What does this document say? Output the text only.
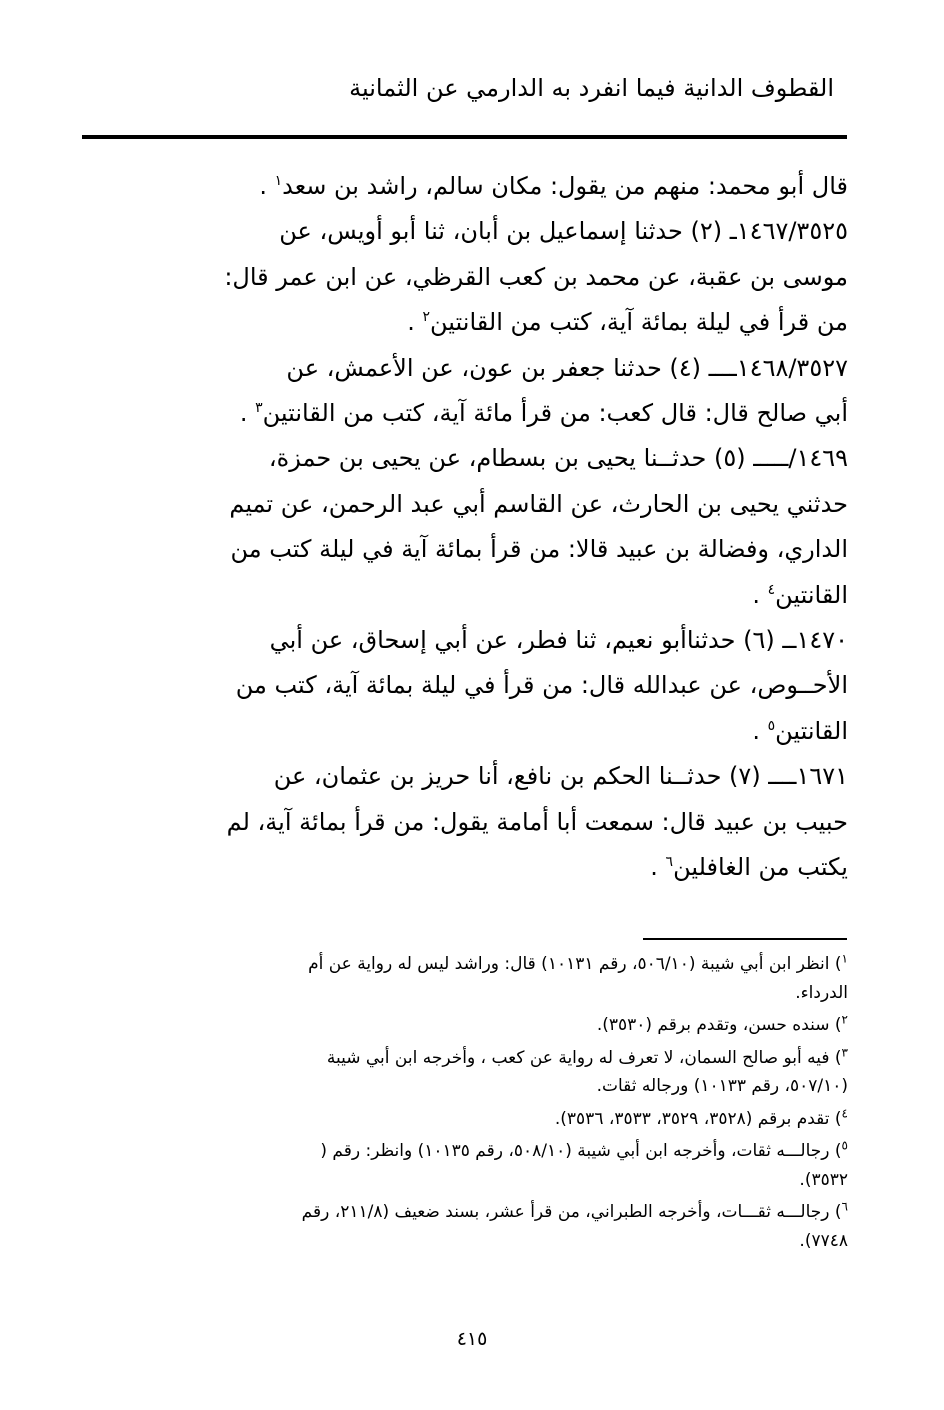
القطوف الدانية فيما انفرد به الدارمي عن الثمانية

قال أبو محمد: منهم من يقول: مكان سالم، راشد بن سعد$^١$ .

١٤٦٧/٣٥٢٥ـ (٢) حدثنا إسماعيل بن أبان، ثنا أبو أويس، عن
موسى بن عقبة، عن محمد بن كعب القرظي، عن ابن عمر قال:
من قرأ في ليلة بمائة آية، كتب من القانتين$^٢$ .

١٤٦٨/٣٥٢٧ــــ (٤) حدثنا جعفر بن عون، عن الأعمش، عن
أبي صالح قال: قال كعب: من قرأ مائة آية، كتب من القانتين$^٣$ .

١٤٦٩/ـــــ (٥) حدثــنا يحيى بن بسطام، عن يحيى بن حمزة،
حدثني يحيى بن الحارث، عن القاسم أبي عبد الرحمن، عن تميم
الداري، وفضالة بن عبيد قالا: من قرأ بمائة آية في ليلة كتب من
القانتين$^٤$ .

١٤٧٠ــ (٦) حدثناأبو نعيم، ثنا فطر، عن أبي إسحاق، عن أبي
الأحــوص، عن عبدالله قال: من قرأ في ليلة بمائة آية، كتب من
القانتين$^٥$ .

١٦٧١ــــ (٧) حدثــنا الحكم بن نافع، أنا حريز بن عثمان، عن
حبيب بن عبيد قال: سمعت أبا أمامة يقول: من قرأ بمائة آية، لم
يكتب من الغافلين$^٦$ .

$^١$) انظر ابن أبي شيبة (٥٠٦/١٠، رقم ١٠١٣١) قال: وراشد ليس له رواية عن أم
الدرداء.

$^٢$) سنده حسن، وتقدم برقم (٣٥٣٠).

$^٣$) فيه أبو صالح السمان، لا تعرف له رواية عن كعب ، وأخرجه ابن أبي شيبة
(٥٠٧/١٠، رقم ١٠١٣٣) ورجاله ثقات.

$^٤$) تقدم برقم (٣٥٢٨، ٣٥٢٩، ٣٥٣٣، ٣٥٣٦).

$^٥$) رجالـــه ثقات، وأخرجه ابن أبي شيبة (٥٠٨/١٠، رقم ١٠١٣٥) وانظر: رقم (
٣٥٣٢).

$^٦$) رجالـــه ثقـــات، وأخرجه الطبراني، من قرأ عشر، بسند ضعيف (٢١١/٨، رقم
٧٧٤٨).

٤١٥
